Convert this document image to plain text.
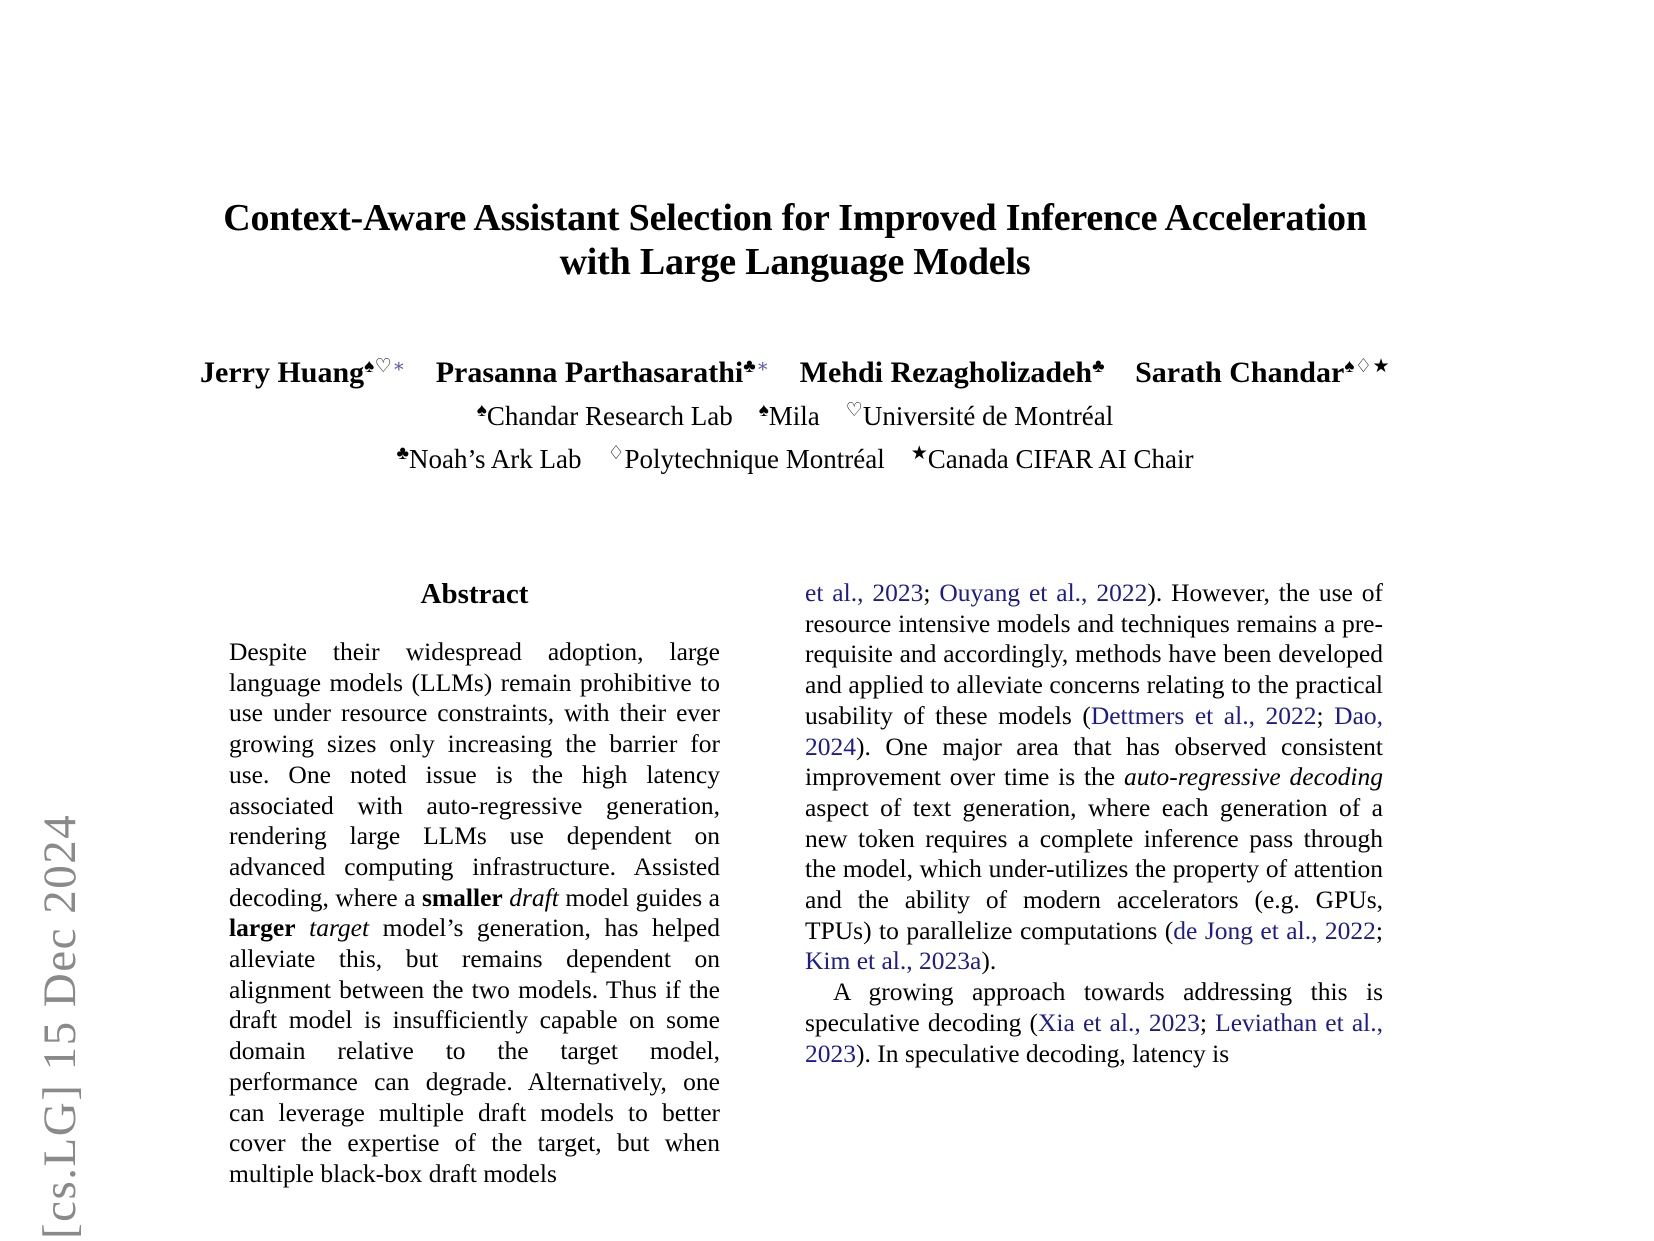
[cs.LG] 15 Dec 2024
Context-Aware Assistant Selection for Improved Inference Acceleration
with Large Language Models
Jerry Huang♠♡∗ Prasanna Parthasarathi♣∗ Mehdi Rezagholizadeh♣ Sarath Chandar♠♢★
♠Chandar Research Lab ♠Mila ♡Université de Montréal
♣Noah’s Ark Lab ♢Polytechnique Montréal ★Canada CIFAR AI Chair
Abstract

Despite their widespread adoption, large language models (LLMs) remain prohibitive to use under resource constraints, with their ever growing sizes only increasing the barrier for use. One noted issue is the high latency associated with auto-regressive generation, rendering large LLMs use dependent on advanced computing infrastructure. Assisted decoding, where a smaller draft model guides a larger target model’s generation, has helped alleviate this, but remains dependent on alignment between the two models. Thus if the draft model is insufficiently capable on some domain relative to the target model, performance can degrade. Alternatively, one can leverage multiple draft models to better cover the expertise of the target, but when multiple black-box draft models

et al., 2023; Ouyang et al., 2022). However, the use of resource intensive models and techniques remains a pre-requisite and accordingly, methods have been developed and applied to alleviate concerns relating to the practical usability of these models (Dettmers et al., 2022; Dao, 2024). One major area that has observed consistent improvement over time is the auto-regressive decoding aspect of text generation, where each generation of a new token requires a complete inference pass through the model, which under-utilizes the property of attention and the ability of modern accelerators (e.g. GPUs, TPUs) to parallelize computations (de Jong et al., 2022; Kim et al., 2023a).

A growing approach towards addressing this is speculative decoding (Xia et al., 2023; Leviathan et al., 2023). In speculative decoding, latency is
